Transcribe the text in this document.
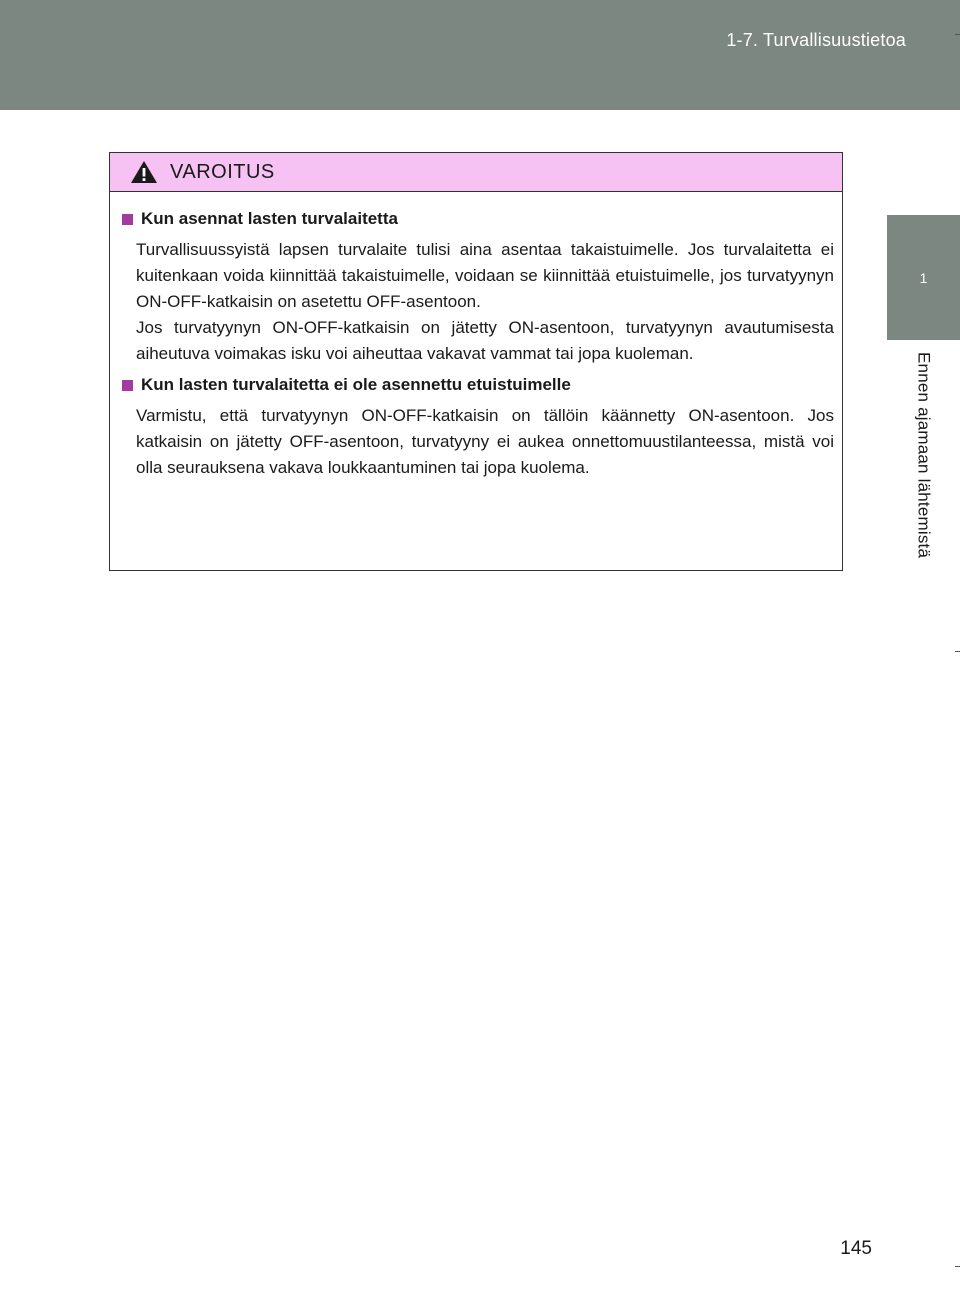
1-7. Turvallisuustietoa
1
Ennen ajamaan lähtemistä
VAROITUS
Kun asennat lasten turvalaitetta

Turvallisuussyistä lapsen turvalaite tulisi aina asentaa takaistuimelle. Jos turvalaitetta ei kuitenkaan voida kiinnittää takaistuimelle, voidaan se kiinnittää etuistuimelle, jos turvatyynyn ON-OFF-katkaisin on asetettu OFF-asentoon.

Jos turvatyynyn ON-OFF-katkaisin on jätetty ON-asentoon, turvatyynyn avautumisesta aiheutuva voimakas isku voi aiheuttaa vakavat vammat tai jopa kuoleman.

Kun lasten turvalaitetta ei ole asennettu etuistuimelle

Varmistu, että turvatyynyn ON-OFF-katkaisin on tällöin käännetty ON-asentoon. Jos katkaisin on jätetty OFF-asentoon, turvatyyny ei aukea onnettomuustilanteessa, mistä voi olla seurauksena vakava loukkaantuminen tai jopa kuolema.

145
